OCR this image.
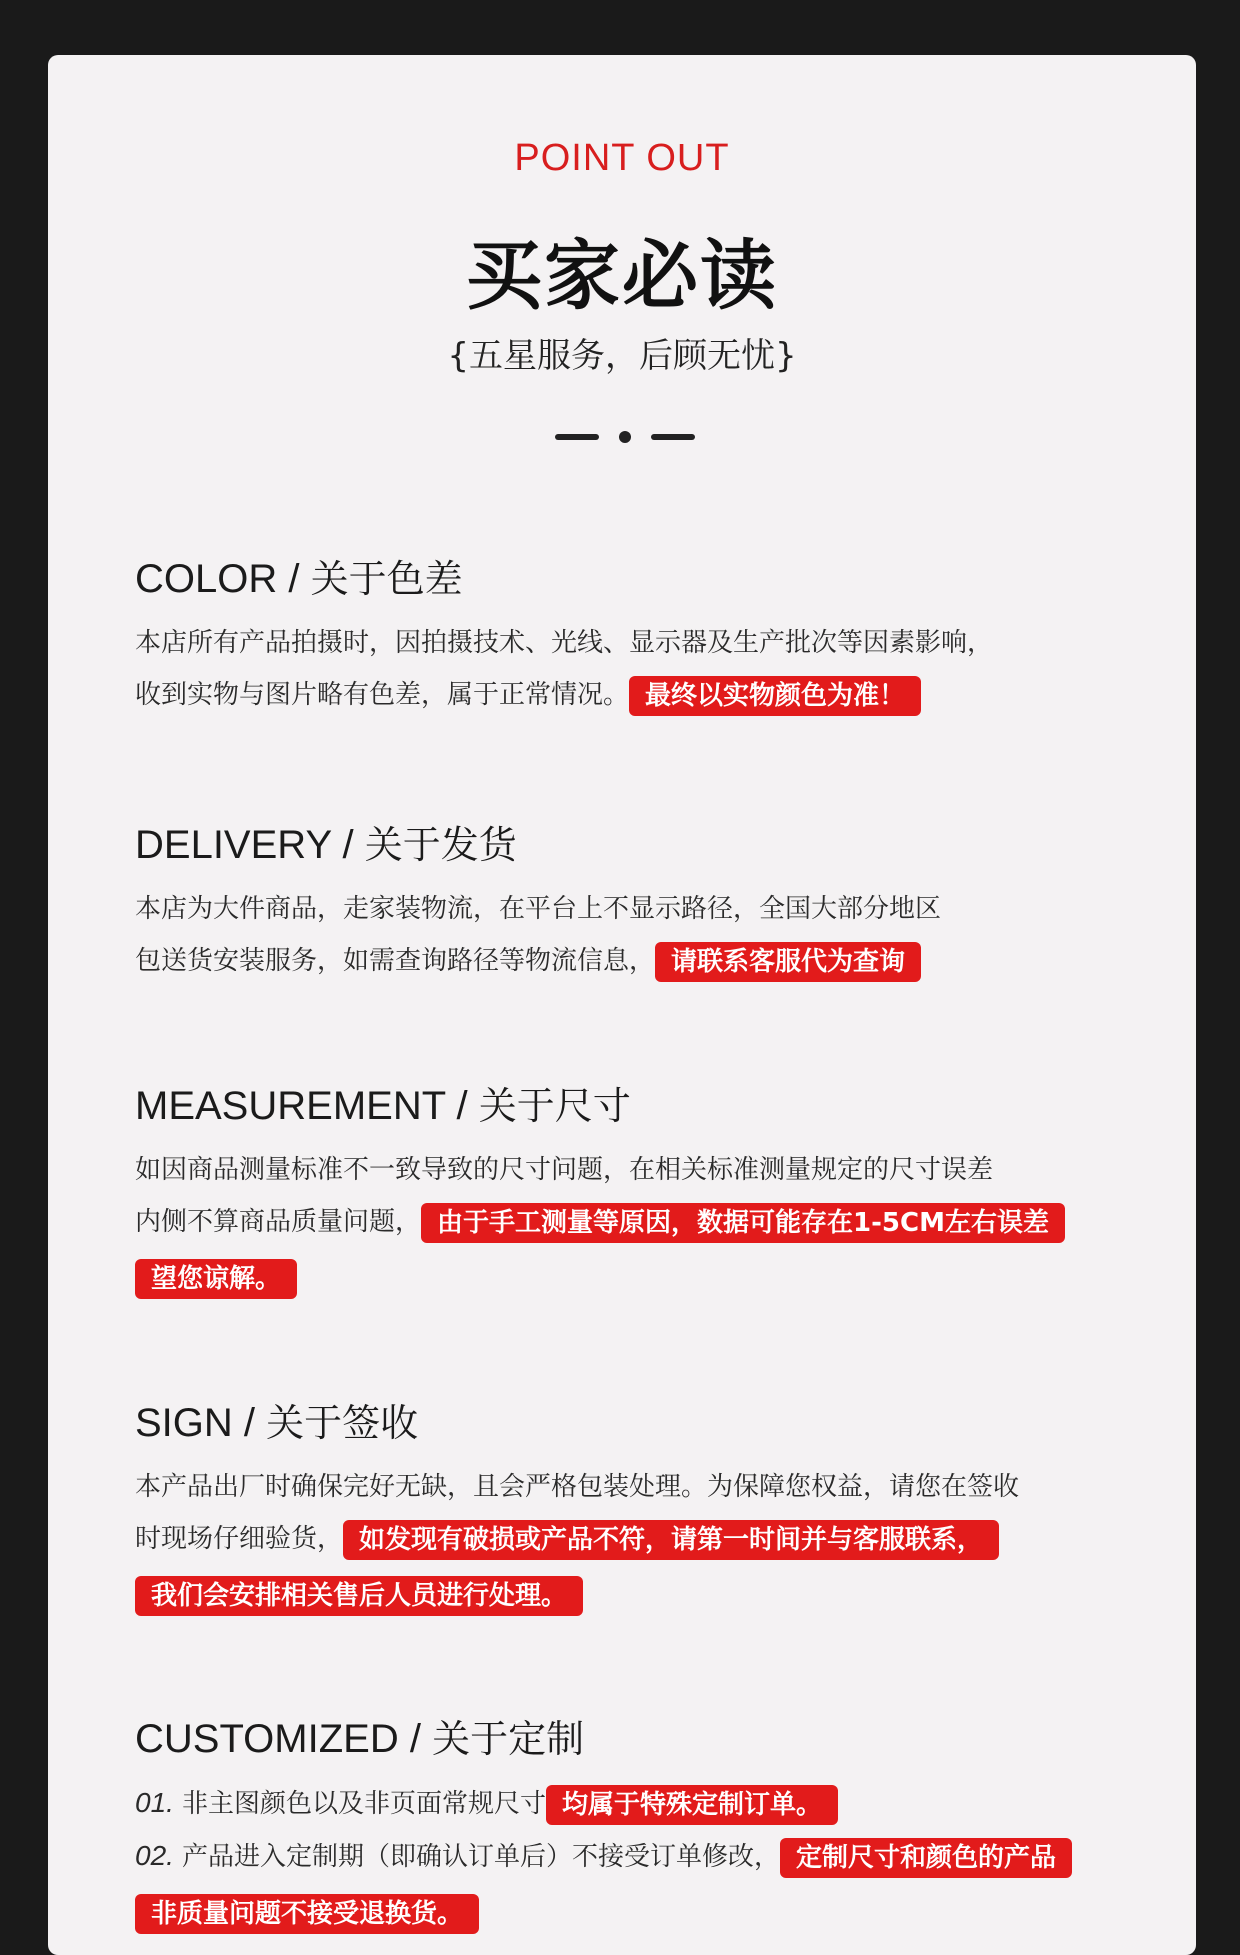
POINT OUT
买家必读
{五星服务，后顾无忧}
COLOR / 关于色差
本店所有产品拍摄时，因拍摄技术、光线、显示器及生产批次等因素影响，
收到实物与图片略有色差，属于正常情况。 最终以实物颜色为准！
DELIVERY / 关于发货
本店为大件商品，走家装物流，在平台上不显示路径，全国大部分地区
包送货安装服务，如需查询路径等物流信息， 请联系客服代为查询
MEASUREMENT / 关于尺寸
如因商品测量标准不一致导致的尺寸问题，在相关标准测量规定的尺寸误差
内侧不算商品质量问题， 由于手工测量等原因，数据可能存在1-5CM左右误差
望您谅解。
SIGN / 关于签收
本产品出厂时确保完好无缺，且会严格包装处理。为保障您权益，请您在签收
时现场仔细验货， 如发现有破损或产品不符，请第一时间并与客服联系，
我们会安排相关售后人员进行处理。
CUSTOMIZED / 关于定制
01. 非主图颜色以及非页面常规尺寸 均属于特殊定制订单。
02. 产品进入定制期（即确认订单后）不接受订单修改， 定制尺寸和颜色的产品
非质量问题不接受退换货。
